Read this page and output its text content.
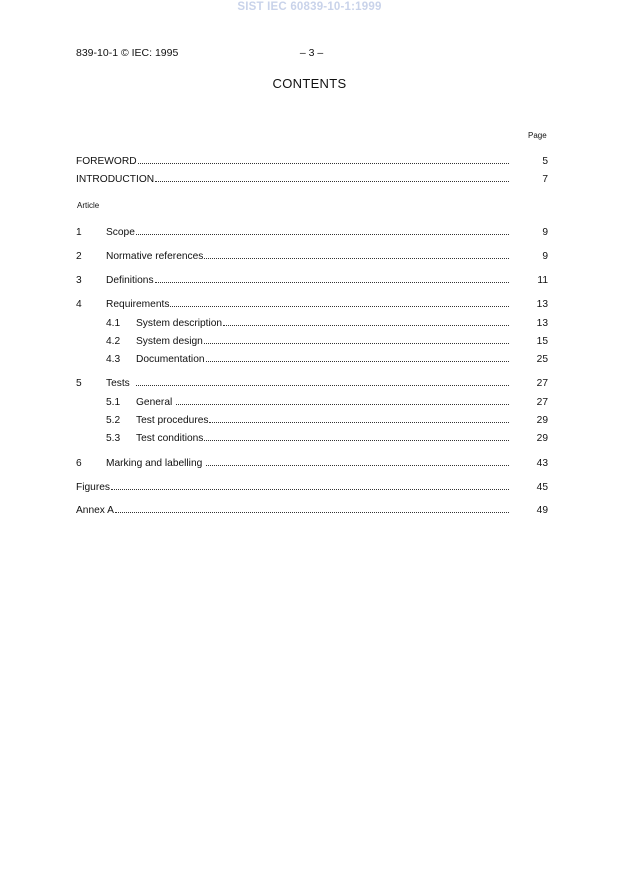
SIST IEC 60839-10-1:1999
839-10-1 © IEC: 1995	– 3 –
CONTENTS
Page
Article
FOREWORD	5
INTRODUCTION	7
1	Scope	9
2	Normative references	9
3	Definitions	11
4	Requirements	13
4.1	System description	13
4.2	System design	15
4.3	Documentation	25
5	Tests	27
5.1	General	27
5.2	Test procedures	29
5.3	Test conditions	29
6	Marking and labelling	43
Figures	45
Annex A	49
